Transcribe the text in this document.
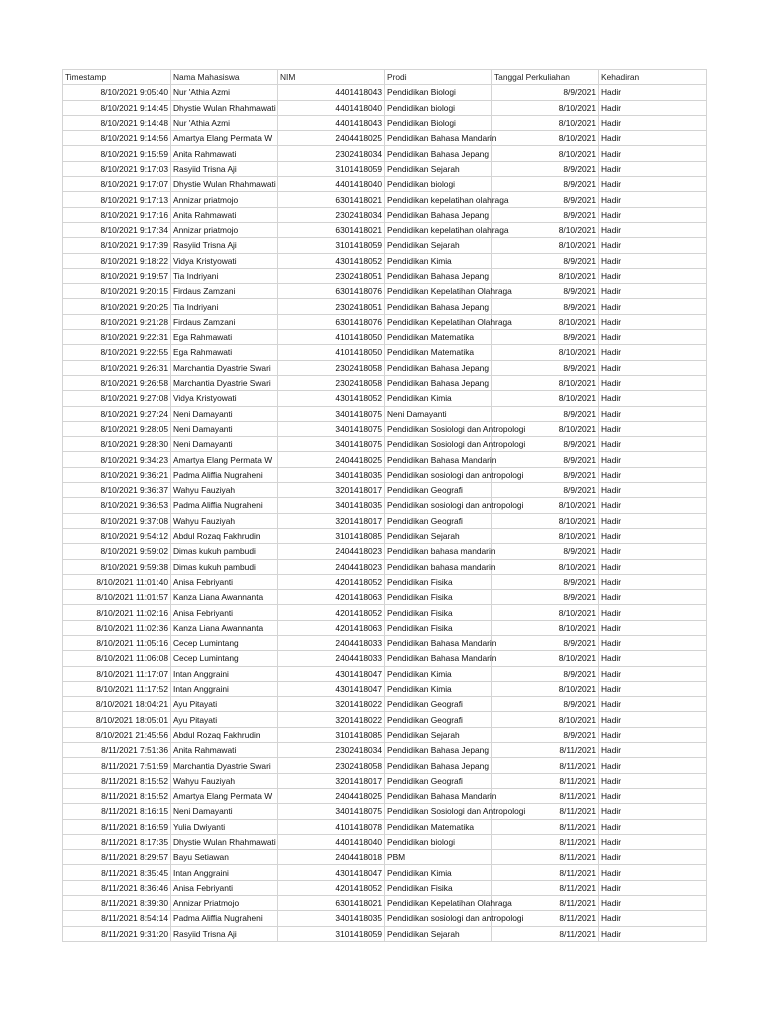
Timestamp	Nama Mahasiswa	NIM	Prodi	Tanggal Perkuliahan	Kehadiran
8/10/2021 9:05:40	Nur 'Athia Azmi	4401418043	Pendidikan Biologi	8/9/2021	Hadir
8/10/2021 9:14:45	Dhystie Wulan Rhahmawati	4401418040	Pendidikan biologi	8/10/2021	Hadir
8/10/2021 9:14:48	Nur 'Athia Azmi	4401418043	Pendidikan Biologi	8/10/2021	Hadir
8/10/2021 9:14:56	Amartya Elang Permata W	2404418025	Pendidikan Bahasa Mandarin	8/10/2021	Hadir
8/10/2021 9:15:59	Anita Rahmawati	2302418034	Pendidikan Bahasa Jepang	8/10/2021	Hadir
8/10/2021 9:17:03	Rasyiid Trisna Aji	3101418059	Pendidikan Sejarah	8/9/2021	Hadir
8/10/2021 9:17:07	Dhystie Wulan Rhahmawati	4401418040	Pendidikan biologi	8/9/2021	Hadir
8/10/2021 9:17:13	Annizar priatmojo	6301418021	Pendidikan kepelatihan olahraga	8/9/2021	Hadir
8/10/2021 9:17:16	Anita Rahmawati	2302418034	Pendidikan Bahasa Jepang	8/9/2021	Hadir
8/10/2021 9:17:34	Annizar priatmojo	6301418021	Pendidikan kepelatihan olahraga	8/10/2021	Hadir
8/10/2021 9:17:39	Rasyiid Trisna Aji	3101418059	Pendidikan Sejarah	8/10/2021	Hadir
8/10/2021 9:18:22	Vidya Kristyowati	4301418052	Pendidikan Kimia	8/9/2021	Hadir
8/10/2021 9:19:57	Tia Indriyani	2302418051	Pendidikan Bahasa Jepang	8/10/2021	Hadir
8/10/2021 9:20:15	Firdaus Zamzani	6301418076	Pendidikan Kepelatihan Olahraga	8/9/2021	Hadir
8/10/2021 9:20:25	Tia Indriyani	2302418051	Pendidikan Bahasa Jepang	8/9/2021	Hadir
8/10/2021 9:21:28	Firdaus Zamzani	6301418076	Pendidikan Kepelatihan Olahraga	8/10/2021	Hadir
8/10/2021 9:22:31	Ega Rahmawati	4101418050	Pendidikan Matematika	8/9/2021	Hadir
8/10/2021 9:22:55	Ega Rahmawati	4101418050	Pendidikan Matematika	8/10/2021	Hadir
8/10/2021 9:26:31	Marchantia Dyastrie Swari	2302418058	Pendidikan Bahasa Jepang	8/9/2021	Hadir
8/10/2021 9:26:58	Marchantia Dyastrie Swari	2302418058	Pendidikan Bahasa Jepang	8/10/2021	Hadir
8/10/2021 9:27:08	Vidya Kristyowati	4301418052	Pendidikan Kimia	8/10/2021	Hadir
8/10/2021 9:27:24	Neni Damayanti	3401418075	Neni Damayanti	8/9/2021	Hadir
8/10/2021 9:28:05	Neni Damayanti	3401418075	Pendidikan Sosiologi dan Antropologi	8/10/2021	Hadir
8/10/2021 9:28:30	Neni Damayanti	3401418075	Pendidikan Sosiologi dan Antropologi	8/9/2021	Hadir
8/10/2021 9:34:23	Amartya Elang Permata W	2404418025	Pendidikan Bahasa Mandarin	8/9/2021	Hadir
8/10/2021 9:36:21	Padma Aliffia Nugraheni	3401418035	Pendidikan sosiologi dan antropologi	8/9/2021	Hadir
8/10/2021 9:36:37	Wahyu Fauziyah	3201418017	Pendidikan Geografi	8/9/2021	Hadir
8/10/2021 9:36:53	Padma Aliffia Nugraheni	3401418035	Pendidikan sosiologi dan antropologi	8/10/2021	Hadir
8/10/2021 9:37:08	Wahyu Fauziyah	3201418017	Pendidikan Geografi	8/10/2021	Hadir
8/10/2021 9:54:12	Abdul Rozaq Fakhrudin	3101418085	Pendidikan Sejarah	8/10/2021	Hadir
8/10/2021 9:59:02	Dimas kukuh pambudi	2404418023	Pendidikan bahasa mandarin	8/9/2021	Hadir
8/10/2021 9:59:38	Dimas kukuh pambudi	2404418023	Pendidikan bahasa mandarin	8/10/2021	Hadir
8/10/2021 11:01:40	Anisa Febriyanti	4201418052	Pendidikan Fisika	8/9/2021	Hadir
8/10/2021 11:01:57	Kanza Liana Awannanta	4201418063	Pendidikan Fisika	8/9/2021	Hadir
8/10/2021 11:02:16	Anisa Febriyanti	4201418052	Pendidikan Fisika	8/10/2021	Hadir
8/10/2021 11:02:36	Kanza Liana Awannanta	4201418063	Pendidikan Fisika	8/10/2021	Hadir
8/10/2021 11:05:16	Cecep Lumintang	2404418033	Pendidikan Bahasa Mandarin	8/9/2021	Hadir
8/10/2021 11:06:08	Cecep Lumintang	2404418033	Pendidikan Bahasa Mandarin	8/10/2021	Hadir
8/10/2021 11:17:07	Intan Anggraini	4301418047	Pendidikan Kimia	8/9/2021	Hadir
8/10/2021 11:17:52	Intan Anggraini	4301418047	Pendidikan Kimia	8/10/2021	Hadir
8/10/2021 18:04:21	Ayu Pitayati	3201418022	Pendidikan Geografi	8/9/2021	Hadir
8/10/2021 18:05:01	Ayu Pitayati	3201418022	Pendidikan Geografi	8/10/2021	Hadir
8/10/2021 21:45:56	Abdul Rozaq Fakhrudin	3101418085	Pendidikan Sejarah	8/9/2021	Hadir
8/11/2021 7:51:36	Anita Rahmawati	2302418034	Pendidikan Bahasa Jepang	8/11/2021	Hadir
8/11/2021 7:51:59	Marchantia Dyastrie Swari	2302418058	Pendidikan Bahasa Jepang	8/11/2021	Hadir
8/11/2021 8:15:52	Wahyu Fauziyah	3201418017	Pendidikan Geografi	8/11/2021	Hadir
8/11/2021 8:15:52	Amartya Elang Permata W	2404418025	Pendidikan Bahasa Mandarin	8/11/2021	Hadir
8/11/2021 8:16:15	Neni Damayanti	3401418075	Pendidikan Sosiologi dan Antropologi	8/11/2021	Hadir
8/11/2021 8:16:59	Yulia Dwiyanti	4101418078	Pendidikan Matematika	8/11/2021	Hadir
8/11/2021 8:17:35	Dhystie Wulan Rhahmawati	4401418040	Pendidikan biologi	8/11/2021	Hadir
8/11/2021 8:29:57	Bayu Setiawan	2404418018	PBM	8/11/2021	Hadir
8/11/2021 8:35:45	Intan Anggraini	4301418047	Pendidikan Kimia	8/11/2021	Hadir
8/11/2021 8:36:46	Anisa Febriyanti	4201418052	Pendidikan Fisika	8/11/2021	Hadir
8/11/2021 8:39:30	Annizar Priatmojo	6301418021	Pendidikan Kepelatihan Olahraga	8/11/2021	Hadir
8/11/2021 8:54:14	Padma Aliffia Nugraheni	3401418035	Pendidikan sosiologi dan antropologi	8/11/2021	Hadir
8/11/2021 9:31:20	Rasyiid Trisna Aji	3101418059	Pendidikan Sejarah	8/11/2021	Hadir
